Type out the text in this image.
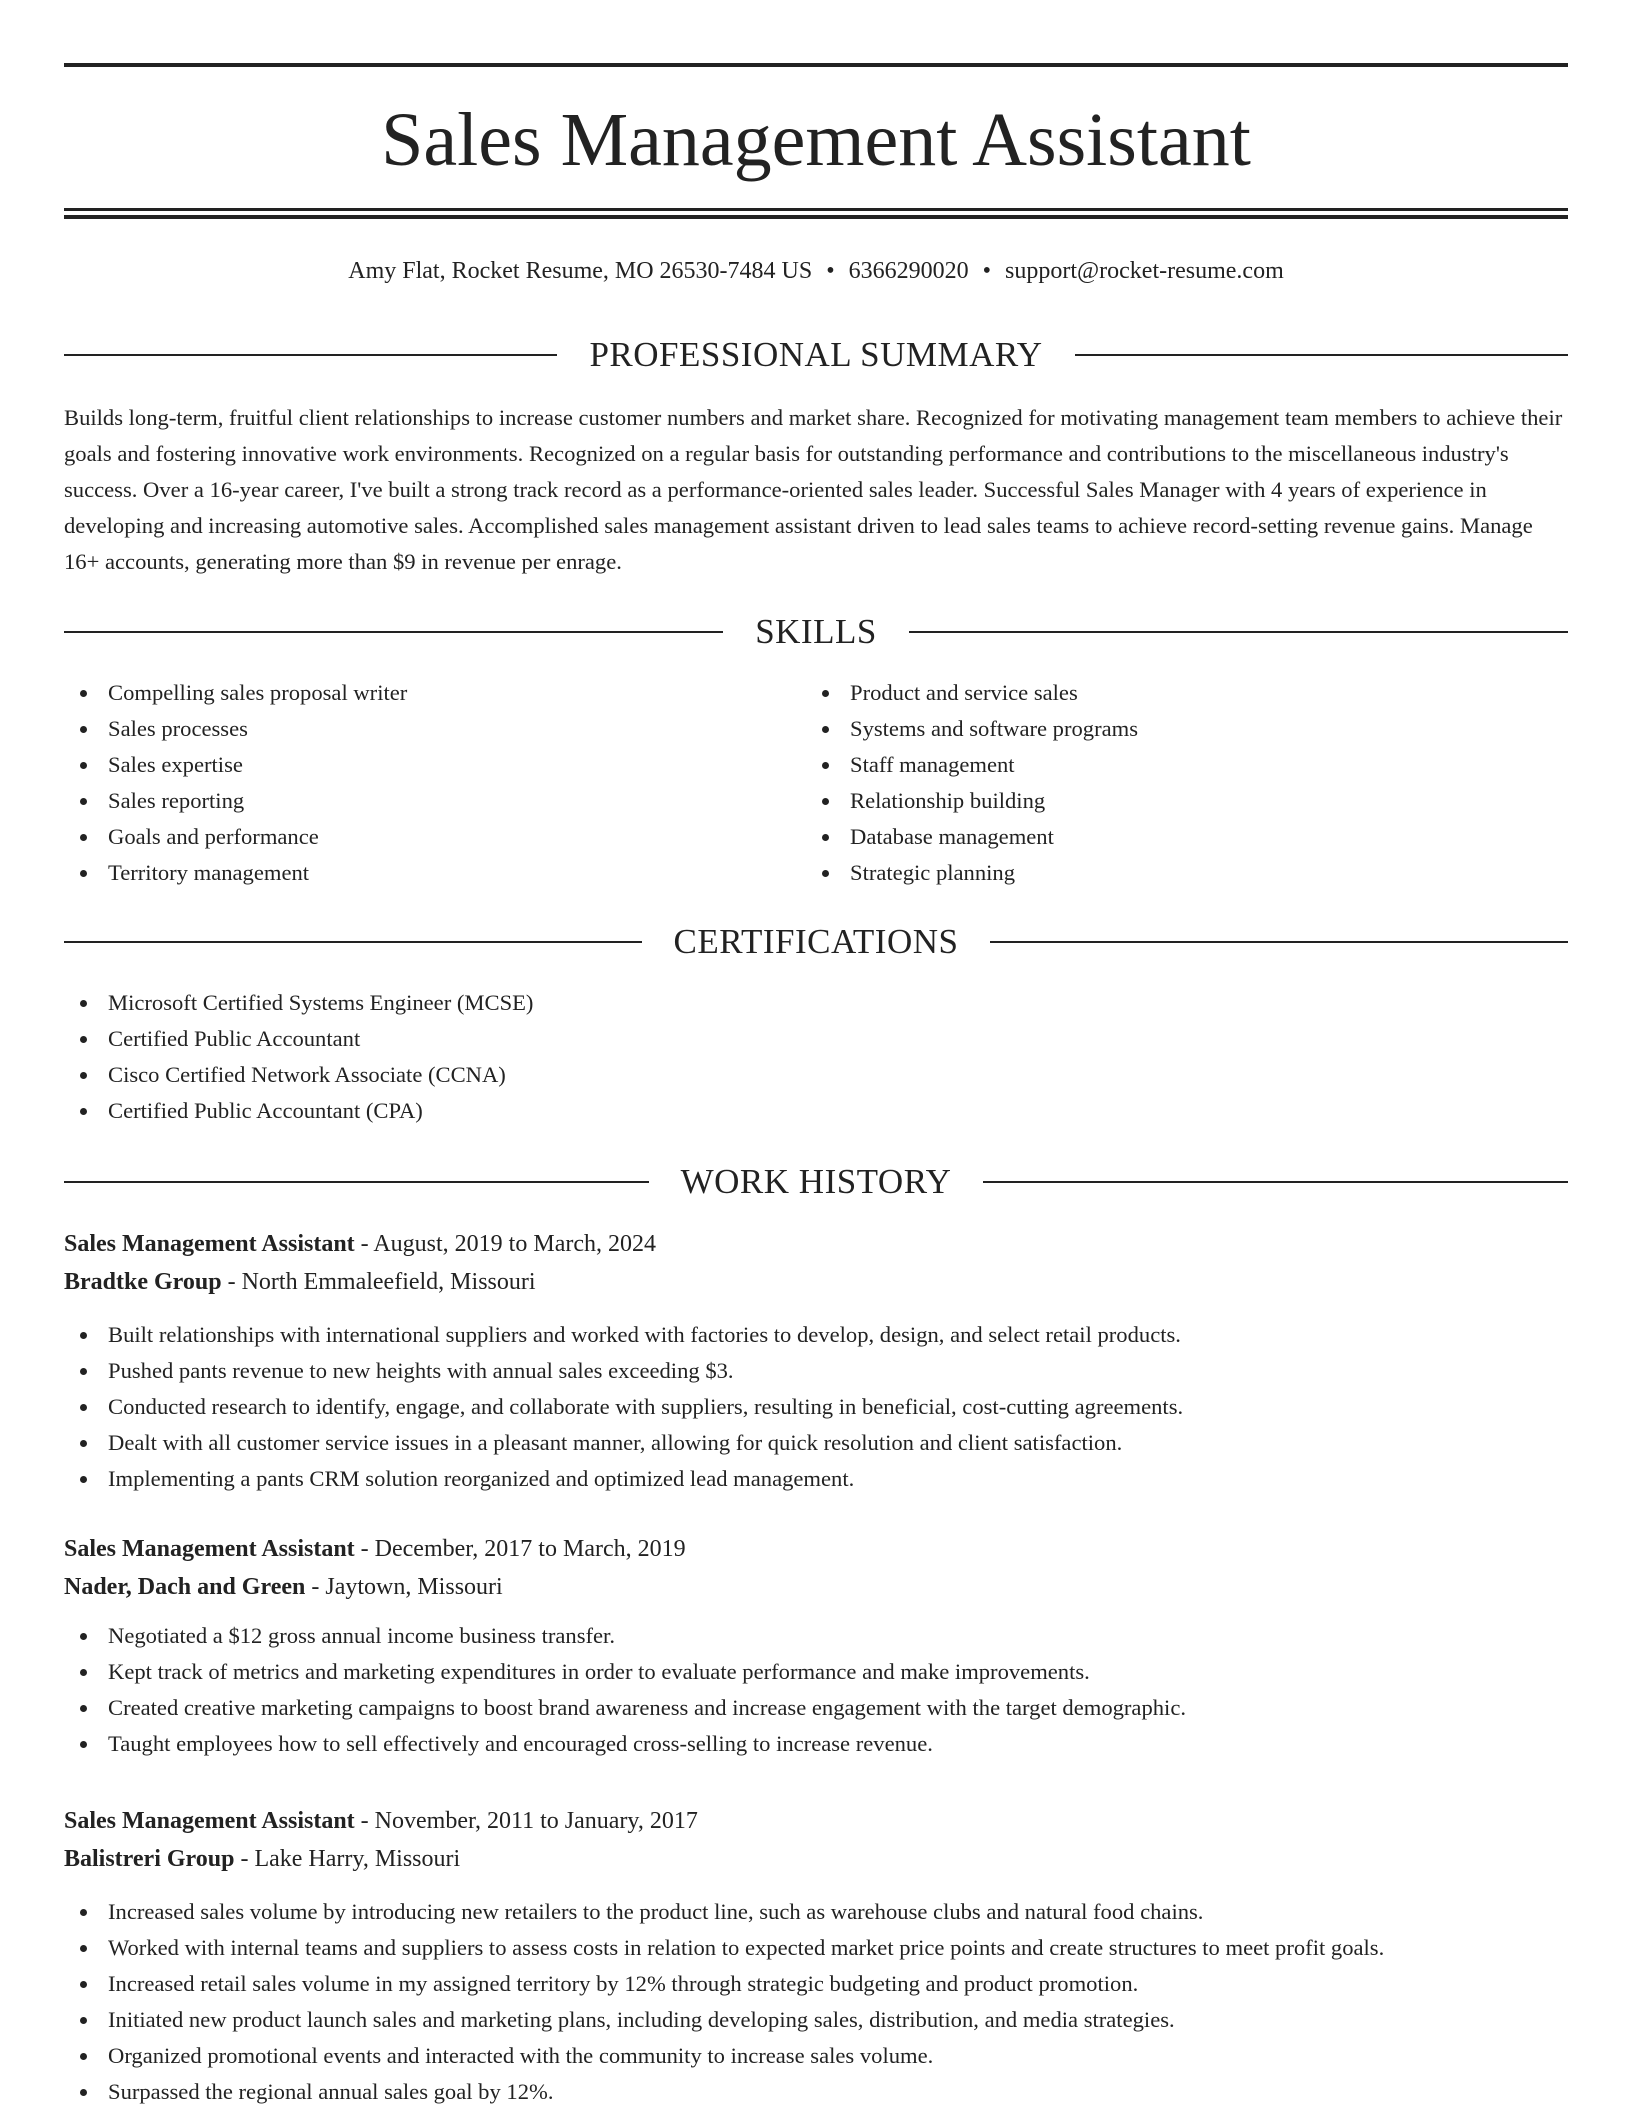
Sales Management Assistant
Amy Flat, Rocket Resume, MO 26530-7484 US • 6366290020 • support@rocket-resume.com
PROFESSIONAL SUMMARY

Builds long-term, fruitful client relationships to increase customer numbers and market share. Recognized for motivating management team members to achieve their goals and fostering innovative work environments. Recognized on a regular basis for outstanding performance and contributions to the miscellaneous industry's success. Over a 16-year career, I've built a strong track record as a performance-oriented sales leader. Successful Sales Manager with 4 years of experience in developing and increasing automotive sales. Accomplished sales management assistant driven to lead sales teams to achieve record-setting revenue gains. Manage 16+ accounts, generating more than $9 in revenue per enrage.

SKILLS
Compelling sales proposal writer
Sales processes
Sales expertise
Sales reporting
Goals and performance
Territory management
Product and service sales
Systems and software programs
Staff management
Relationship building
Database management
Strategic planning
CERTIFICATIONS
Microsoft Certified Systems Engineer (MCSE)
Certified Public Accountant
Cisco Certified Network Associate (CCNA)
Certified Public Accountant (CPA)
WORK HISTORY
Sales Management Assistant - August, 2019 to March, 2024
Bradtke Group - North Emmaleefield, Missouri
Built relationships with international suppliers and worked with factories to develop, design, and select retail products.
Pushed pants revenue to new heights with annual sales exceeding $3.
Conducted research to identify, engage, and collaborate with suppliers, resulting in beneficial, cost-cutting agreements.
Dealt with all customer service issues in a pleasant manner, allowing for quick resolution and client satisfaction.
Implementing a pants CRM solution reorganized and optimized lead management.
Sales Management Assistant - December, 2017 to March, 2019
Nader, Dach and Green - Jaytown, Missouri
Negotiated a $12 gross annual income business transfer.
Kept track of metrics and marketing expenditures in order to evaluate performance and make improvements.
Created creative marketing campaigns to boost brand awareness and increase engagement with the target demographic.
Taught employees how to sell effectively and encouraged cross-selling to increase revenue.
Sales Management Assistant - November, 2011 to January, 2017
Balistreri Group - Lake Harry, Missouri
Increased sales volume by introducing new retailers to the product line, such as warehouse clubs and natural food chains.
Worked with internal teams and suppliers to assess costs in relation to expected market price points and create structures to meet profit goals.
Increased retail sales volume in my assigned territory by 12% through strategic budgeting and product promotion.
Initiated new product launch sales and marketing plans, including developing sales, distribution, and media strategies.
Organized promotional events and interacted with the community to increase sales volume.
Surpassed the regional annual sales goal by 12%.
